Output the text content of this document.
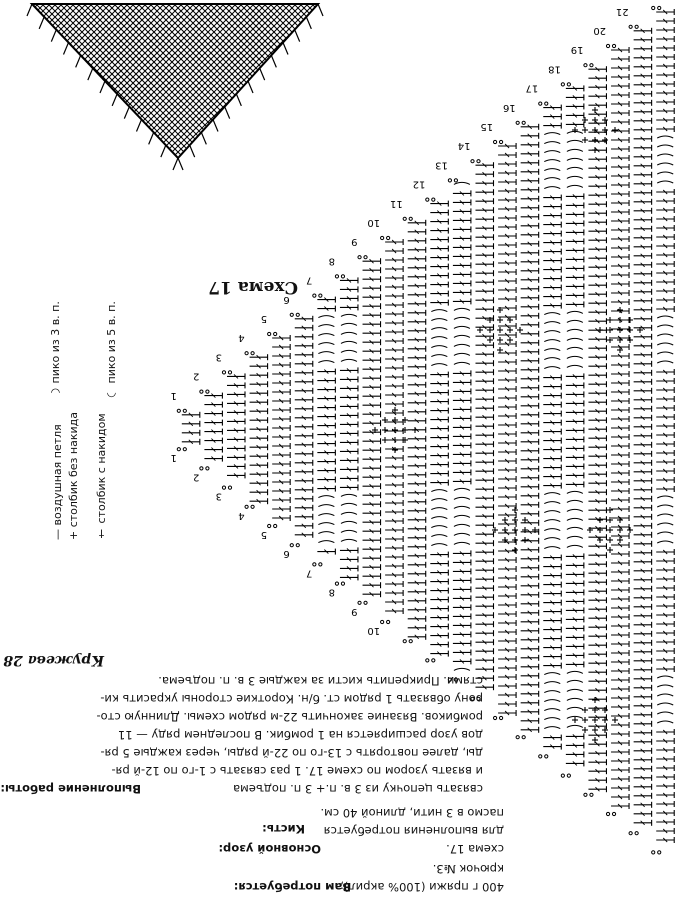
1
1
2
2
3
3
4
4
5
5
6
6
7
7
8
8
9
9
10
10
11
12
13
14
15
16
17
18
19
20
21
Схема 17
— воздушная петля
+ столбик без накида
† столбик с накидом
◡ пико из 3 в. п.
◠ пико из 5 в. п.
Кружева 28
Вам потребуется:
400 г пряжи (100% акрил);
крючок №3.
Основной узор:	схема 17.
Кисть: для выполнения потребуется
пасмо в 3 нити, длиной 40 см.
Выполнение работы:	связать цепочку из 3 в. п.+ 3 п. подъема
и вязать узором по схеме 17. 1 раз связать с 1-го по 12-й ря-
ды, далее повторять с 13-го по 22-й ряды, через каждые 5 ря-
дов узор расширяется на 1 ромбик. В последнем ряду — 11
ромбиков. Вязание закончить 22-м рядом схемы. Длинную сто-
рону обвязать 1 рядом ст. б/н. Короткие стороны украсить ки-
стями. Прикрепить кисти за каждые 3 в. п. подъема.
